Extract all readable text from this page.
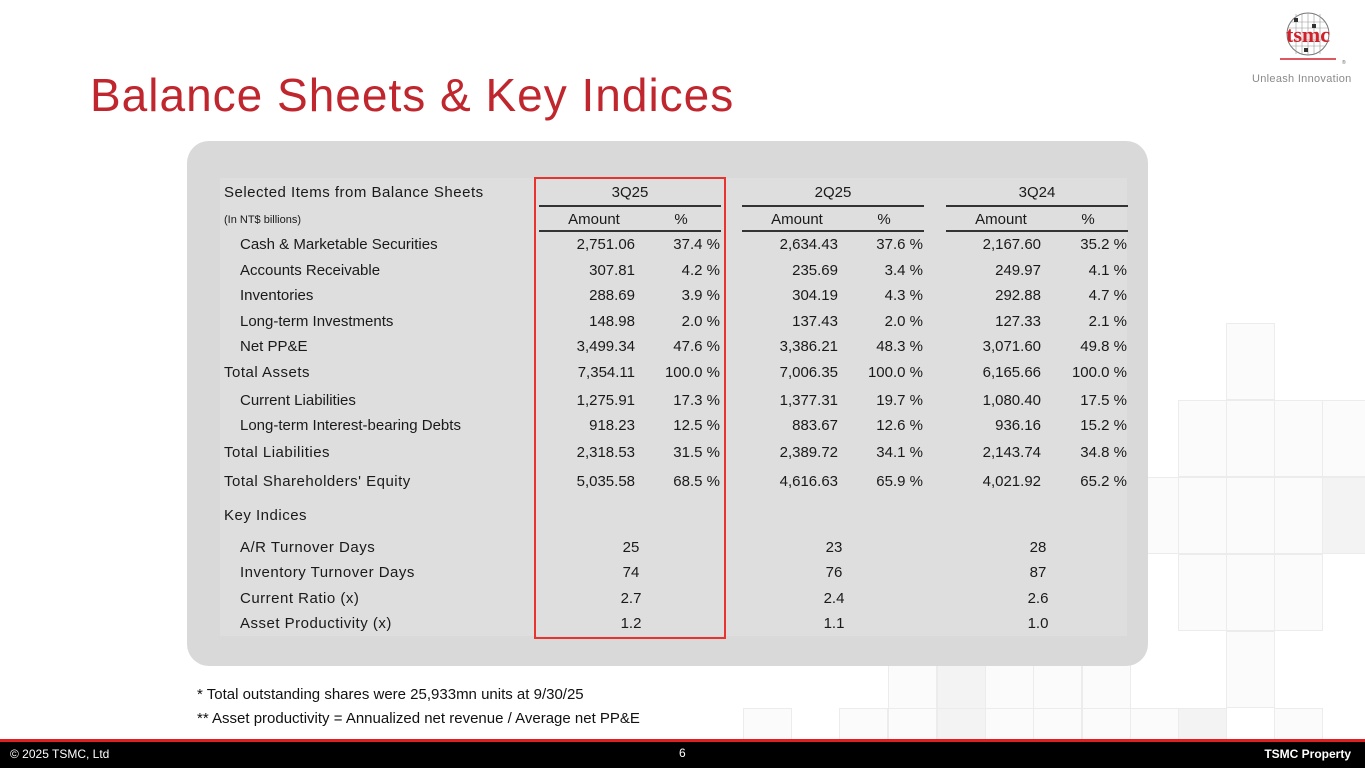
Balance Sheets & Key Indices
tsmc
®
Unleash Innovation
Selected Items from Balance Sheets
(In NT$ billions)
3Q25
Amount	%
2Q25
Amount	%
3Q24
Amount	%
Cash & Marketable Securities	2,751.06	37.4 %	2,634.43	37.6 %	2,167.60	35.2 %
Accounts Receivable	307.81	4.2 %	235.69	3.4 %	249.97	4.1 %
Inventories	288.69	3.9 %	304.19	4.3 %	292.88	4.7 %
Long-term Investments	148.98	2.0 %	137.43	2.0 %	127.33	2.1 %
Net PP&E	3,499.34	47.6 %	3,386.21	48.3 %	3,071.60	49.8 %
Total Assets	7,354.11	100.0 %	7,006.35	100.0 %	6,165.66	100.0 %
Current Liabilities	1,275.91	17.3 %	1,377.31	19.7 %	1,080.40	17.5 %
Long-term Interest-bearing Debts	918.23	12.5 %	883.67	12.6 %	936.16	15.2 %
Total Liabilities	2,318.53	31.5 %	2,389.72	34.1 %	2,143.74	34.8 %
Total Shareholders' Equity	5,035.58	68.5 %	4,616.63	65.9 %	4,021.92	65.2 %
Key Indices
A/R Turnover Days	25	23	28
Inventory Turnover Days	74	76	87
Current Ratio (x)	2.7	2.4	2.6
Asset Productivity (x)	1.2	1.1	1.0
* Total outstanding shares were 25,933mn units at 9/30/25
** Asset productivity = Annualized net revenue / Average net PP&E
© 2025 TSMC, Ltd	6	TSMC Property
